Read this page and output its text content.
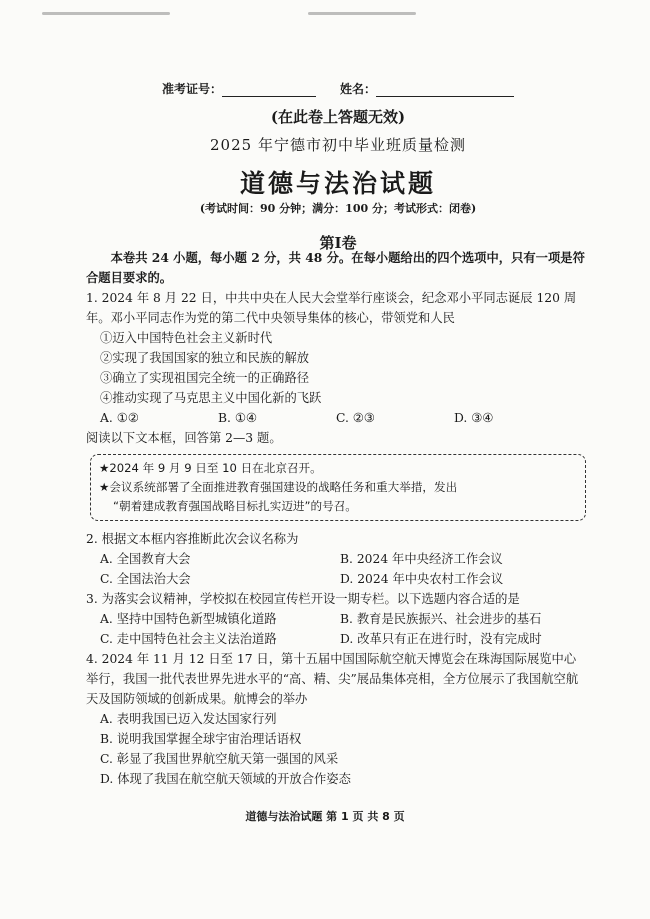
准考证号：	姓名：
(在此卷上答题无效)
2025 年宁德市初中毕业班质量检测
道德与法治试题
(考试时间：90 分钟；满分：100 分；考试形式：闭卷)
第Ⅰ卷
本卷共 24 小题，每小题 2 分，共 48 分。在每小题给出的四个选项中，只有一项是符合题目要求的。
1. 2024 年 8 月 22 日，中共中央在人民大会堂举行座谈会，纪念邓小平同志诞辰 120 周年。邓小平同志作为党的第二代中央领导集体的核心，带领党和人民
①迈入中国特色社会主义新时代
②实现了我国国家的独立和民族的解放
③确立了实现祖国完全统一的正确路径
④推动实现了马克思主义中国化新的飞跃
A. ①②	B. ①④	C. ②③	D. ③④
阅读以下文本框，回答第 2—3 题。
★2024 年 9 月 9 日至 10 日在北京召开。
★会议系统部署了全面推进教育强国建设的战略任务和重大举措，发出
“朝着建成教育强国战略目标扎实迈进”的号召。
2. 根据文本框内容推断此次会议名称为
A. 全国教育大会	B. 2024 年中央经济工作会议
C. 全国法治大会	D. 2024 年中央农村工作会议
3. 为落实会议精神，学校拟在校园宣传栏开设一期专栏。以下选题内容合适的是
A. 坚持中国特色新型城镇化道路	B. 教育是民族振兴、社会进步的基石
C. 走中国特色社会主义法治道路	D. 改革只有正在进行时，没有完成时
4. 2024 年 11 月 12 日至 17 日，第十五届中国国际航空航天博览会在珠海国际展览中心举行，我国一批代表世界先进水平的“高、精、尖”展品集体亮相，全方位展示了我国航空航天及国防领域的创新成果。航博会的举办
A. 表明我国已迈入发达国家行列
B. 说明我国掌握全球宇宙治理话语权
C. 彰显了我国世界航空航天第一强国的风采
D. 体现了我国在航空航天领域的开放合作姿态
道德与法治试题 第 1 页 共 8 页
